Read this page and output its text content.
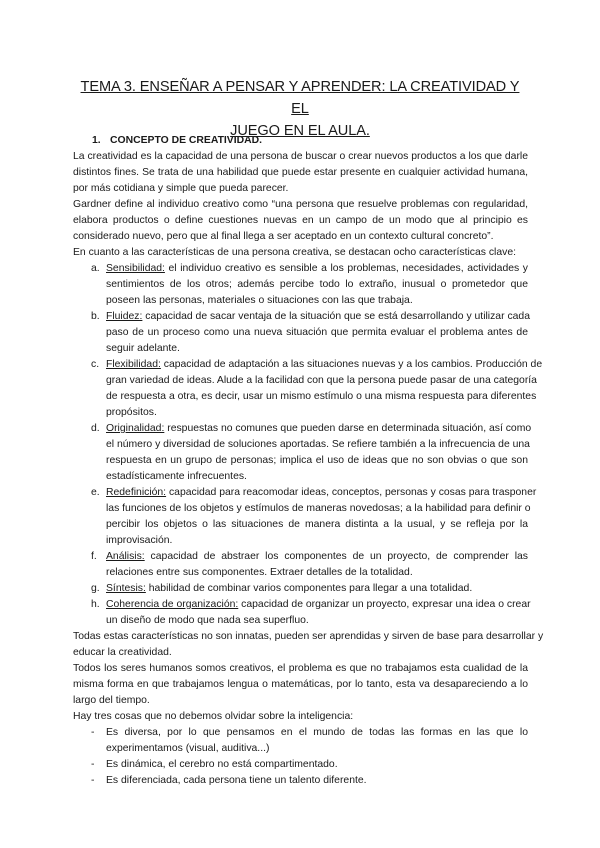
TEMA 3. ENSEÑAR A PENSAR Y APRENDER: LA CREATIVIDAD Y EL
JUEGO EN EL AULA.
1. CONCEPTO DE CREATIVIDAD.

La creatividad es la capacidad de una persona de buscar o crear nuevos productos a los que darle

distintos fines. Se trata de una habilidad que puede estar presente en cualquier actividad humana,

por más cotidiana y simple que pueda parecer.

Gardner define al individuo creativo como “una persona que resuelve problemas con regularidad,

elabora productos o define cuestiones nuevas en un campo de un modo que al principio es

considerado nuevo, pero que al final llega a ser aceptado en un contexto cultural concreto”.

En cuanto a las características de una persona creativa, se destacan ocho características clave:

a. Sensibilidad: el individuo creativo es sensible a los problemas, necesidades, actividades y

sentimientos de los otros; además percibe todo lo extraño, inusual o prometedor que

poseen las personas, materiales o situaciones con las que trabaja.

b. Fluidez: capacidad de sacar ventaja de la situación que se está desarrollando y utilizar cada

paso de un proceso como una nueva situación que permita evaluar el problema antes de

seguir adelante.

c. Flexibilidad: capacidad de adaptación a las situaciones nuevas y a los cambios. Producción de

gran variedad de ideas. Alude a la facilidad con que la persona puede pasar de una categoría

de respuesta a otra, es decir, usar un mismo estímulo o una misma respuesta para diferentes

propósitos.

d. Originalidad: respuestas no comunes que pueden darse en determinada situación, así como

el número y diversidad de soluciones aportadas. Se refiere también a la infrecuencia de una

respuesta en un grupo de personas; implica el uso de ideas que no son obvias o que son

estadísticamente infrecuentes.

e. Redefinición: capacidad para reacomodar ideas, conceptos, personas y cosas para trasponer

las funciones de los objetos y estímulos de maneras novedosas; a la habilidad para definir o

percibir los objetos o las situaciones de manera distinta a la usual, y se refleja por la

improvisación.

f. Análisis: capacidad de abstraer los componentes de un proyecto, de comprender las

relaciones entre sus componentes. Extraer detalles de la totalidad.

g. Síntesis: habilidad de combinar varios componentes para llegar a una totalidad.

h. Coherencia de organización: capacidad de organizar un proyecto, expresar una idea o crear

un diseño de modo que nada sea superfluo.

Todas estas características no son innatas, pueden ser aprendidas y sirven de base para desarrollar y

educar la creatividad.

Todos los seres humanos somos creativos, el problema es que no trabajamos esta cualidad de la

misma forma en que trabajamos lengua o matemáticas, por lo tanto, esta va desapareciendo a lo

largo del tiempo.

Hay tres cosas que no debemos olvidar sobre la inteligencia:

- Es diversa, por lo que pensamos en el mundo de todas las formas en las que lo

experimentamos (visual, auditiva...)

- Es dinámica, el cerebro no está compartimentado.

- Es diferenciada, cada persona tiene un talento diferente.
